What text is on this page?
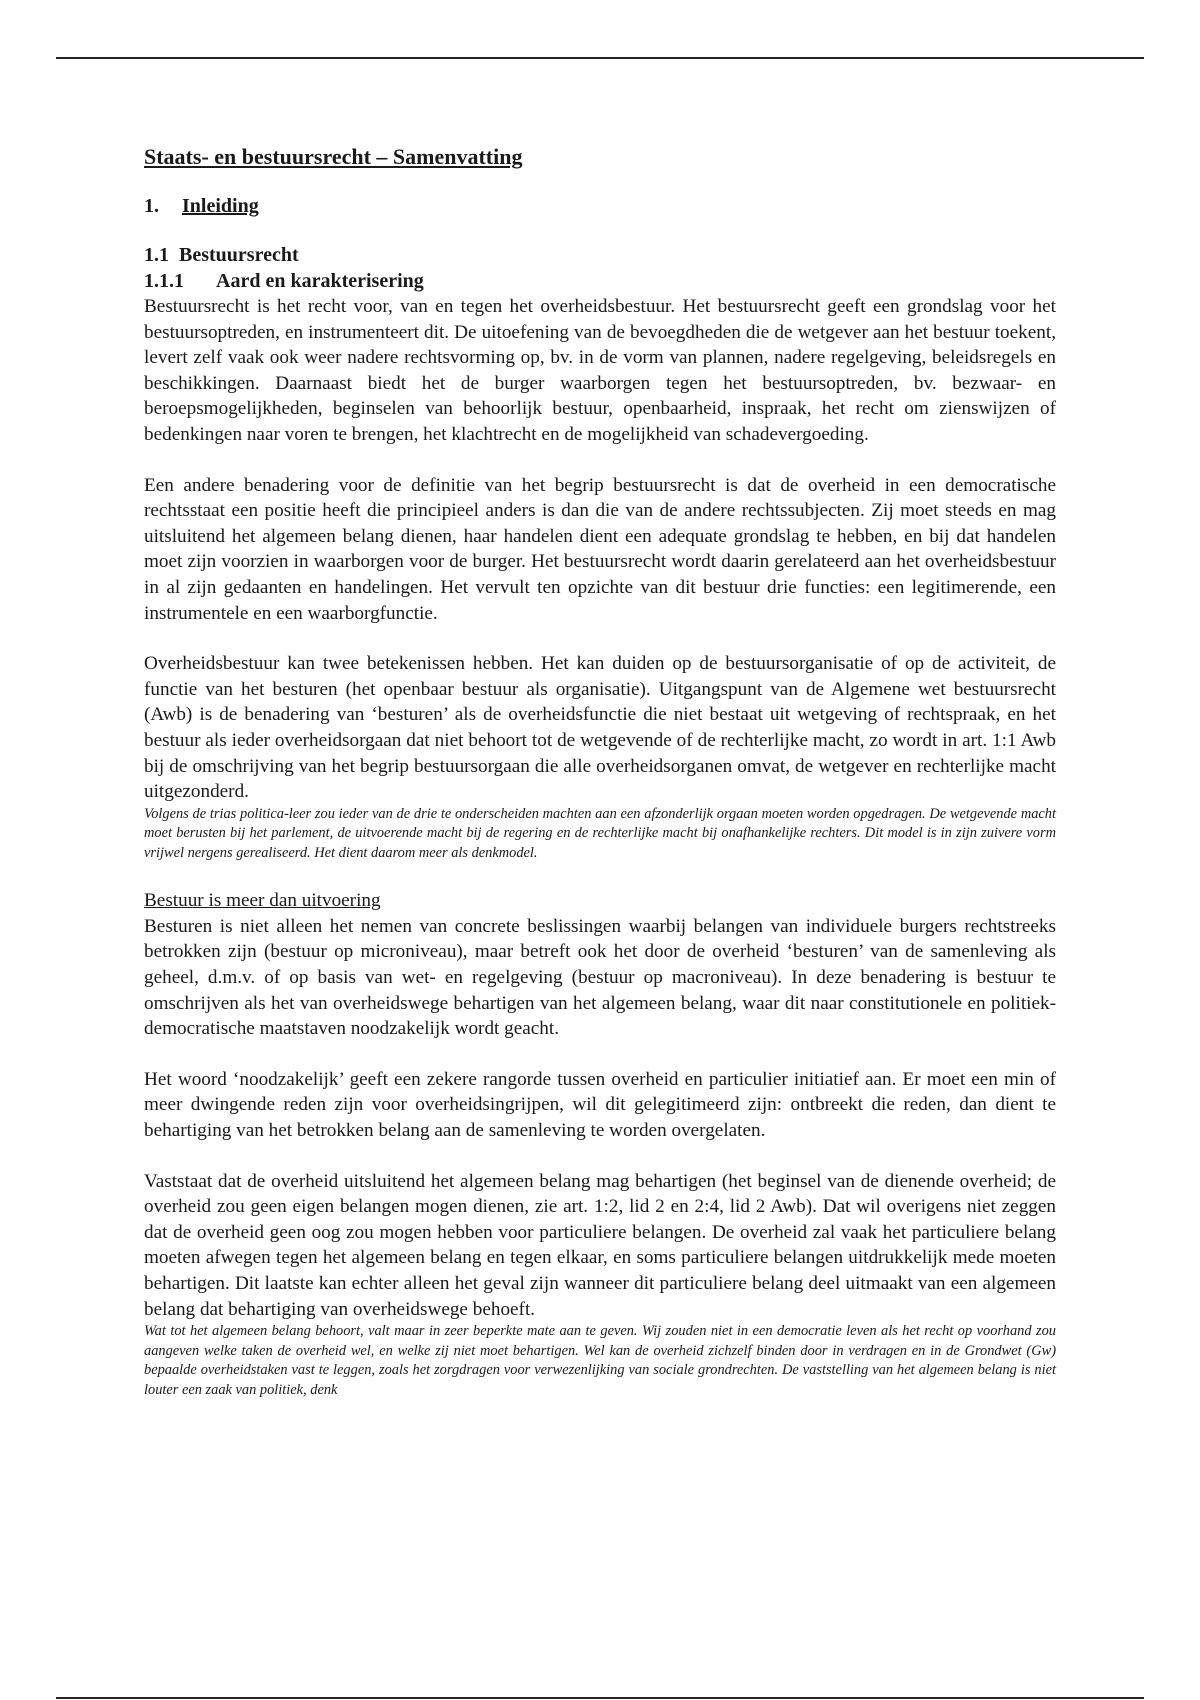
Staats- en bestuursrecht – Samenvatting
1. Inleiding
1.1 Bestuursrecht
1.1.1 Aard en karakterisering

Bestuursrecht is het recht voor, van en tegen het overheidsbestuur. Het bestuursrecht geeft een grondslag voor het bestuursoptreden, en instrumenteert dit. De uitoefening van de bevoegdheden die de wetgever aan het bestuur toekent, levert zelf vaak ook weer nadere rechtsvorming op, bv. in de vorm van plannen, nadere regelgeving, beleidsregels en beschikkingen. Daarnaast biedt het de burger waarborgen tegen het bestuursoptreden, bv. bezwaar- en beroepsmogelijkheden, beginselen van behoorlijk bestuur, openbaarheid, inspraak, het recht om zienswijzen of bedenkingen naar voren te brengen, het klachtrecht en de mogelijkheid van schadevergoeding.

Een andere benadering voor de definitie van het begrip bestuursrecht is dat de overheid in een democratische rechtsstaat een positie heeft die principieel anders is dan die van de andere rechtssubjecten. Zij moet steeds en mag uitsluitend het algemeen belang dienen, haar handelen dient een adequate grondslag te hebben, en bij dat handelen moet zijn voorzien in waarborgen voor de burger. Het bestuursrecht wordt daarin gerelateerd aan het overheidsbestuur in al zijn gedaanten en handelingen. Het vervult ten opzichte van dit bestuur drie functies: een legitimerende, een instrumentele en een waarborgfunctie.

Overheidsbestuur kan twee betekenissen hebben. Het kan duiden op de bestuursorganisatie of op de activiteit, de functie van het besturen (het openbaar bestuur als organisatie). Uitgangspunt van de Algemene wet bestuursrecht (Awb) is de benadering van ‘besturen’ als de overheidsfunctie die niet bestaat uit wetgeving of rechtspraak, en het bestuur als ieder overheidsorgaan dat niet behoort tot de wetgevende of de rechterlijke macht, zo wordt in art. 1:1 Awb bij de omschrijving van het begrip bestuursorgaan die alle overheidsorganen omvat, de wetgever en rechterlijke macht uitgezonderd.

Volgens de trias politica-leer zou ieder van de drie te onderscheiden machten aan een afzonderlijk orgaan moeten worden opgedragen. De wetgevende macht moet berusten bij het parlement, de uitvoerende macht bij de regering en de rechterlijke macht bij onafhankelijke rechters. Dit model is in zijn zuivere vorm vrijwel nergens gerealiseerd. Het dient daarom meer als denkmodel.

Bestuur is meer dan uitvoering

Besturen is niet alleen het nemen van concrete beslissingen waarbij belangen van individuele burgers rechtstreeks betrokken zijn (bestuur op microniveau), maar betreft ook het door de overheid ‘besturen’ van de samenleving als geheel, d.m.v. of op basis van wet- en regelgeving (bestuur op macroniveau). In deze benadering is bestuur te omschrijven als het van overheidswege behartigen van het algemeen belang, waar dit naar constitutionele en politiek-democratische maatstaven noodzakelijk wordt geacht.

Het woord ‘noodzakelijk’ geeft een zekere rangorde tussen overheid en particulier initiatief aan. Er moet een min of meer dwingende reden zijn voor overheidsingrijpen, wil dit gelegitimeerd zijn: ontbreekt die reden, dan dient te behartiging van het betrokken belang aan de samenleving te worden overgelaten.

Vaststaat dat de overheid uitsluitend het algemeen belang mag behartigen (het beginsel van de dienende overheid; de overheid zou geen eigen belangen mogen dienen, zie art. 1:2, lid 2 en 2:4, lid 2 Awb). Dat wil overigens niet zeggen dat de overheid geen oog zou mogen hebben voor particuliere belangen. De overheid zal vaak het particuliere belang moeten afwegen tegen het algemeen belang en tegen elkaar, en soms particuliere belangen uitdrukkelijk mede moeten behartigen. Dit laatste kan echter alleen het geval zijn wanneer dit particuliere belang deel uitmaakt van een algemeen belang dat behartiging van overheidswege behoeft.

Wat tot het algemeen belang behoort, valt maar in zeer beperkte mate aan te geven. Wij zouden niet in een democratie leven als het recht op voorhand zou aangeven welke taken de overheid wel, en welke zij niet moet behartigen. Wel kan de overheid zichzelf binden door in verdragen en in de Grondwet (Gw) bepaalde overheidstaken vast te leggen, zoals het zorgdragen voor verwezenlijking van sociale grondrechten. De vaststelling van het algemeen belang is niet louter een zaak van politiek, denk
